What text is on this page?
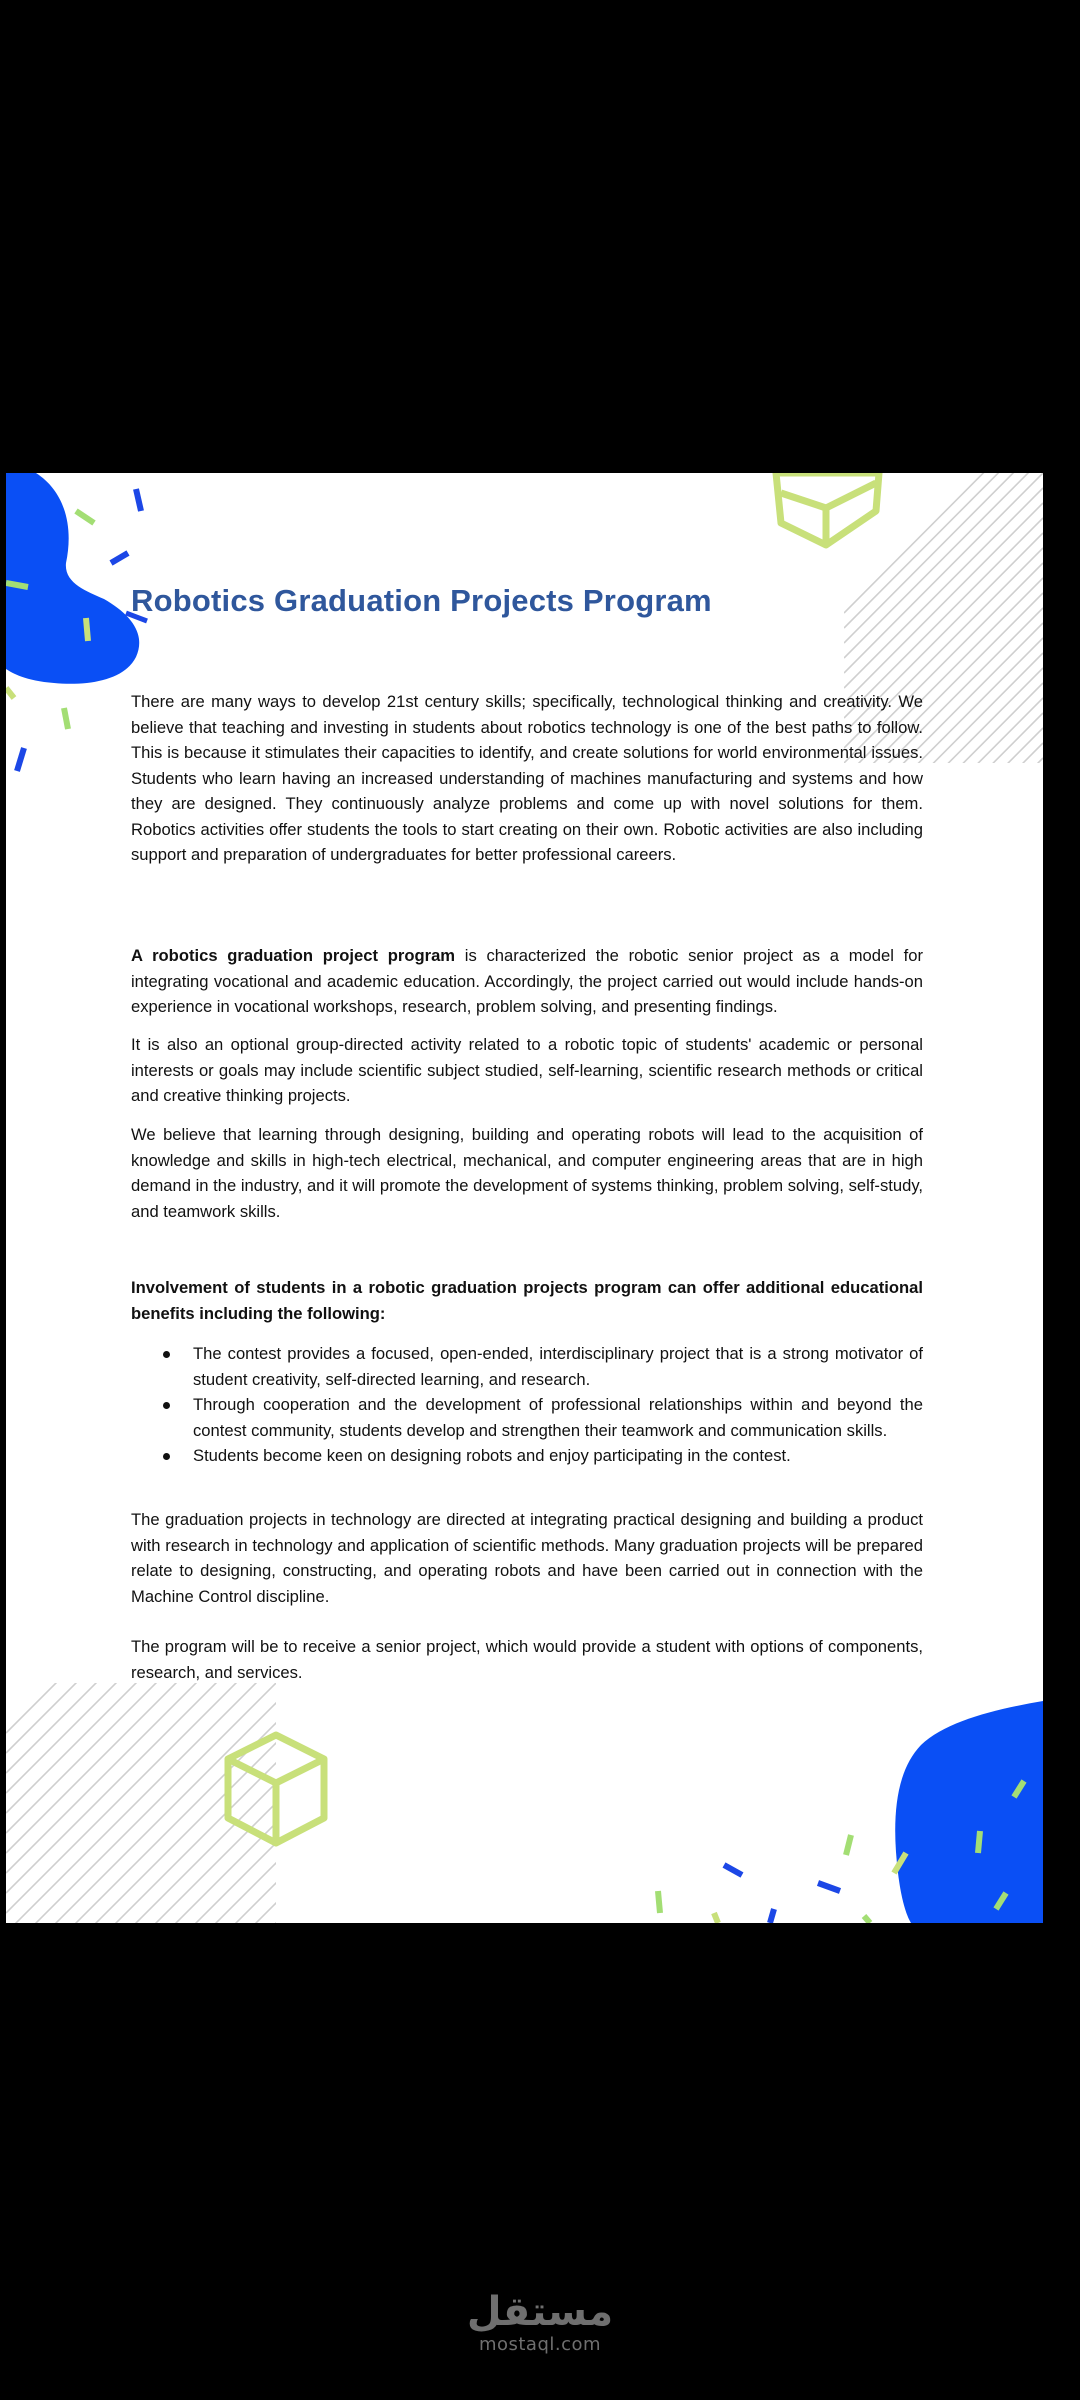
Robotics Graduation Projects Program

There are many ways to develop 21st century skills; specifically, technological thinking and creativity. We believe that teaching and investing in students about robotics technology is one of the best paths to follow. This is because it stimulates their capacities to identify, and create solutions for world environmental issues. Students who learn having an increased understanding of machines manufacturing and systems and how they are designed. They continuously analyze problems and come up with novel solutions for them. Robotics activities offer students the tools to start creating on their own. Robotic activities are also including support and preparation of undergraduates for better professional careers.

A robotics graduation project program is characterized the robotic senior project as a model for integrating vocational and academic education. Accordingly, the project carried out would include hands-on experience in vocational workshops, research, problem solving, and presenting findings.

It is also an optional group-directed activity related to a robotic topic of students' academic or personal interests or goals may include scientific subject studied, self-learning, scientific research methods or critical and creative thinking projects.

We believe that learning through designing, building and operating robots will lead to the acquisition of knowledge and skills in high-tech electrical, mechanical, and computer engineering areas that are in high demand in the industry, and it will promote the development of systems thinking, problem solving, self-study, and teamwork skills.

Involvement of students in a robotic graduation projects program can offer additional educational benefits including the following:

The contest provides a focused, open-ended, interdisciplinary project that is a strong motivator of student creativity, self-directed learning, and research.
Through cooperation and the development of professional relationships within and beyond the contest community, students develop and strengthen their teamwork and communication skills.
Students become keen on designing robots and enjoy participating in the contest.

The graduation projects in technology are directed at integrating practical designing and building a product with research in technology and application of scientific methods. Many graduation projects will be prepared relate to designing, constructing, and operating robots and have been carried out in connection with the Machine Control discipline.

The program will be to receive a senior project, which would provide a student with options of components, research, and services.

مستقل
mostaql.com
